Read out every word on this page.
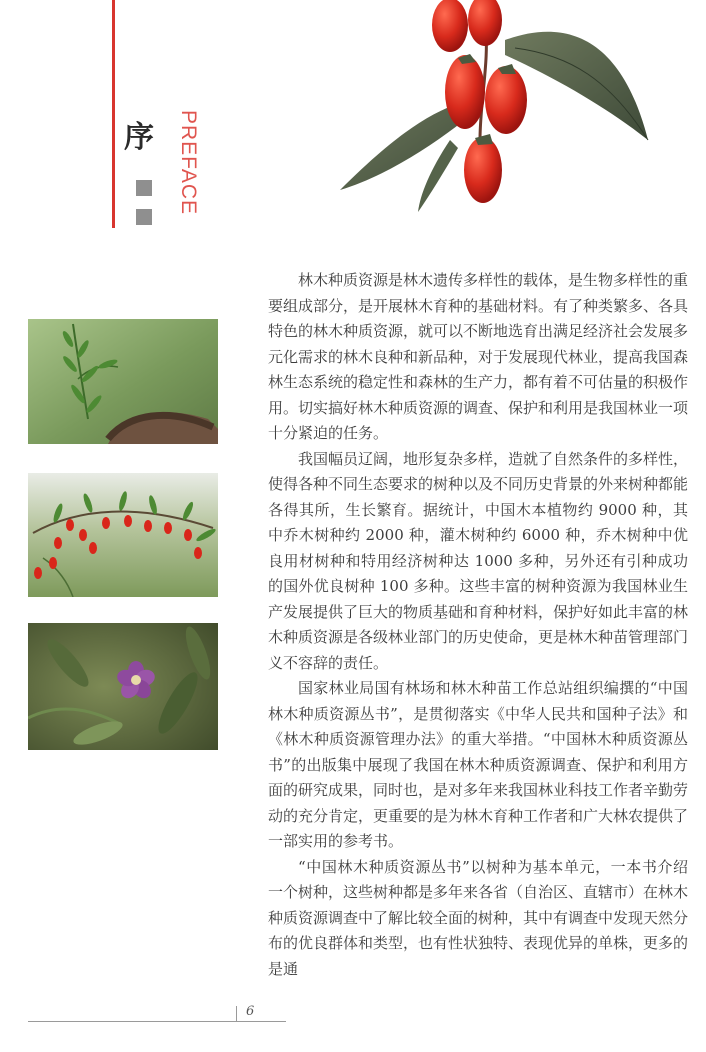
序 PREFACE

林木种质资源是林木遗传多样性的载体，是生物多样性的重要组成部分，是开展林木育种的基础材料。有了种类繁多、各具特色的林木种质资源，就可以不断地选育出满足经济社会发展多元化需求的林木良种和新品种，对于发展现代林业，提高我国森林生态系统的稳定性和森林的生产力，都有着不可估量的积极作用。切实搞好林木种质资源的调查、保护和利用是我国林业一项十分紧迫的任务。

我国幅员辽阔，地形复杂多样，造就了自然条件的多样性，使得各种不同生态要求的树种以及不同历史背景的外来树种都能各得其所，生长繁育。据统计，中国木本植物约 9000 种，其中乔木树种约 2000 种，灌木树种约 6000 种，乔木树种中优良用材树种和特用经济树种达 1000 多种，另外还有引种成功的国外优良树种 100 多种。这些丰富的树种资源为我国林业生产发展提供了巨大的物质基础和育种材料，保护好如此丰富的林木种质资源是各级林业部门的历史使命，更是林木种苗管理部门义不容辞的责任。

国家林业局国有林场和林木种苗工作总站组织编撰的“中国林木种质资源丛书”，是贯彻落实《中华人民共和国种子法》和《林木种质资源管理办法》的重大举措。“中国林木种质资源丛书”的出版集中展现了我国在林木种质资源调查、保护和利用方面的研究成果，同时也，是对多年来我国林业科技工作者辛勤劳动的充分肯定，更重要的是为林木育种工作者和广大林农提供了一部实用的参考书。

“中国林木种质资源丛书”以树种为基本单元，一本书介绍一个树种，这些树种都是多年来各省（自治区、直辖市）在林木种质资源调查中了解比较全面的树种，其中有调查中发现天然分布的优良群体和类型，也有性状独特、表现优异的单株，更多的是通

6
